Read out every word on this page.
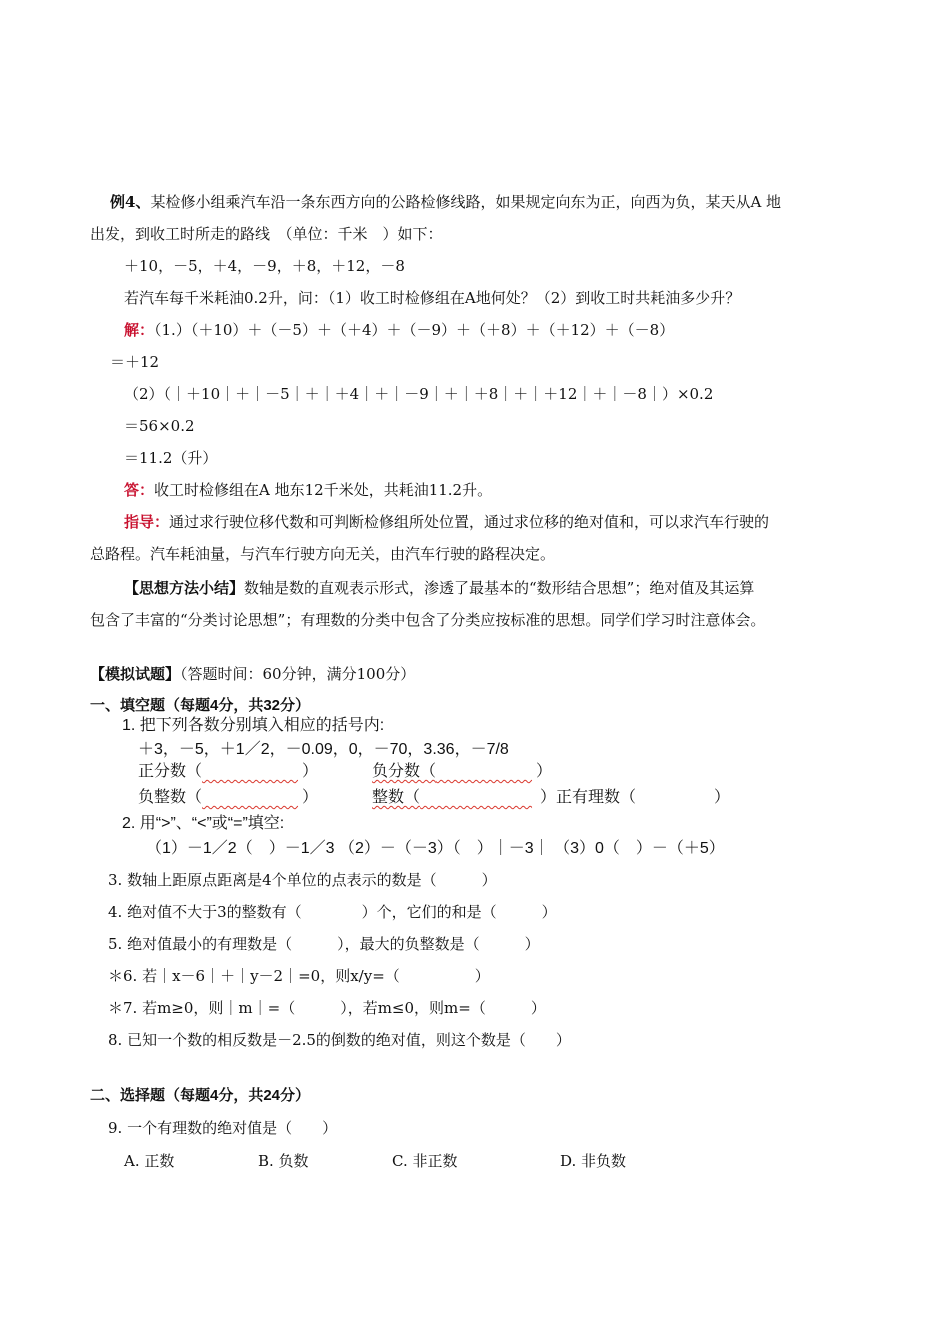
例4、某检修小组乘汽车沿一条东西方向的公路检修线路，如果规定向东为正，向西为负，某天从A 地
出发，到收工时所走的路线　（单位：千米　）如下：
＋10，－5，＋4，－9，＋8，＋12，－8
若汽车每千米耗油0.2升，问：（1）收工时检修组在A地何处？（2）到收工时共耗油多少升？
解：（1.）（＋10）＋（－5）＋（＋4）＋（－9）＋（＋8）＋（＋12）＋（－8）
＝＋12
（2）（｜＋10｜＋｜－5｜＋｜＋4｜＋｜－9｜＋｜＋8｜＋｜＋12｜＋｜－8｜）×0.2
＝56×0.2
＝11.2（升）
答：收工时检修组在A 地东12千米处，共耗油11.2升。
指导：通过求行驶位移代数和可判断检修组所处位置，通过求位移的绝对值和，可以求汽车行驶的
总路程。汽车耗油量，与汽车行驶方向无关，由汽车行驶的路程决定。
【思想方法小结】数轴是数的直观表示形式，渗透了最基本的“数形结合思想”；绝对值及其运算
包含了丰富的“分类讨论思想”；有理数的分类中包含了分类应按标准的思想。同学们学习时注意体会。
【模拟试题】（答题时间：60分钟，满分100分）
一、填空题（每题4分，共32分）
1. 把下列各数分别填入相应的括号内:
＋3，－5，＋1／2，－0.09，0，－70，3.36，－7/8
正分数（　　　　　　	）	负分数（　　　　　　	）
负整数（　　　　　　	）	整数（　　　　　　　	） 正有理数（	）
2. 用“>”、“<”或“=”填空:
（1）－1／2（　）－1／3 （2）－（－3）（　）｜－3｜ （3）0（　）－（＋5）
3. 数轴上距原点距离是4个单位的点表示的数是（　　　）
4. 绝对值不大于3的整数有（　　　　）个，它们的和是（　　　）
5. 绝对值最小的有理数是（　　　），最大的负整数是（　　　）
＊6. 若｜x－6｜＋｜y－2｜=0，则x/y=（　　　　　）
＊7. 若m≥0，则｜m｜=（　　　），若m≤0，则m=（　　　）
8. 已知一个数的相反数是－2.5的倒数的绝对值，则这个数是（　　）
二、选择题（每题4分，共24分）
9. 一个有理数的绝对值是（　　）
A. 正数	B. 负数	C. 非正数	D. 非负数
